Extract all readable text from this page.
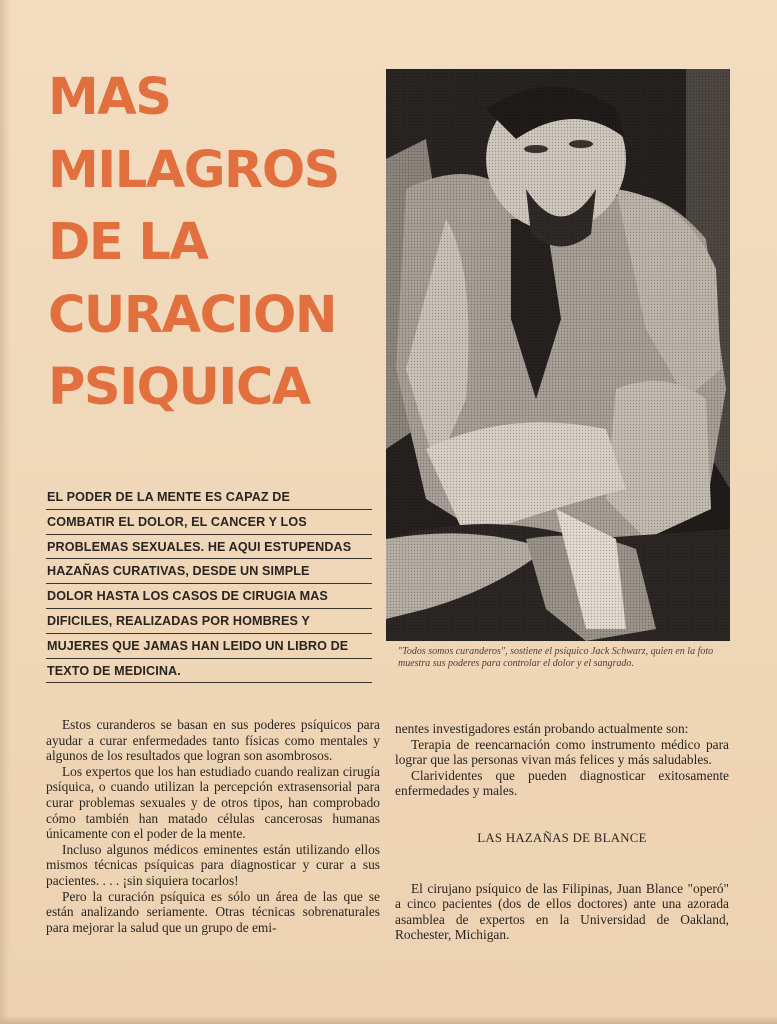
MAS
MILAGROS
DE LA
CURACION
PSIQUICA
EL PODER DE LA MENTE ES CAPAZ DE
COMBATIR EL DOLOR, EL CANCER Y LOS
PROBLEMAS SEXUALES. HE AQUI ESTUPENDAS
HAZAÑAS CURATIVAS, DESDE UN SIMPLE
DOLOR HASTA LOS CASOS DE CIRUGIA MAS
DIFICILES, REALIZADAS POR HOMBRES Y
MUJERES QUE JAMAS HAN LEIDO UN LIBRO DE
TEXTO DE MEDICINA.
"Todos somos curanderos", sostiene el psíquico Jack Schwarz, quien en la foto muestra sus poderes para controlar el dolor y el sangrado.

Estos curanderos se basan en sus poderes psíquicos para ayudar a curar enfermedades tanto físicas como mentales y algunos de los resultados que logran son asombrosos.

Los expertos que los han estudiado cuando realizan cirugía psíquica, o cuando utilizan la percepción extrasensorial para curar problemas sexuales y de otros tipos, han comprobado cómo también han matado células cancerosas humanas únicamente con el poder de la mente.

Incluso algunos médicos eminentes están utilizando ellos mismos técnicas psíquicas para diagnosticar y curar a sus pacientes. . . . ¡sin siquiera tocarlos!

Pero la curación psíquica es sólo un área de las que se están analizando seriamente. Otras técnicas sobrenaturales para mejorar la salud que un grupo de emi-

nentes investigadores están probando actualmente son:

Terapia de reencarnación como instrumento médico para lograr que las personas vivan más felices y más saludables.

Clarividentes que pueden diagnosticar exitosamente enfermedades y males.

LAS HAZAÑAS DE BLANCE

El cirujano psíquico de las Filipinas, Juan Blance "operó" a cinco pacientes (dos de ellos doctores) ante una azorada asamblea de expertos en la Universidad de Oakland, Rochester, Michigan.
